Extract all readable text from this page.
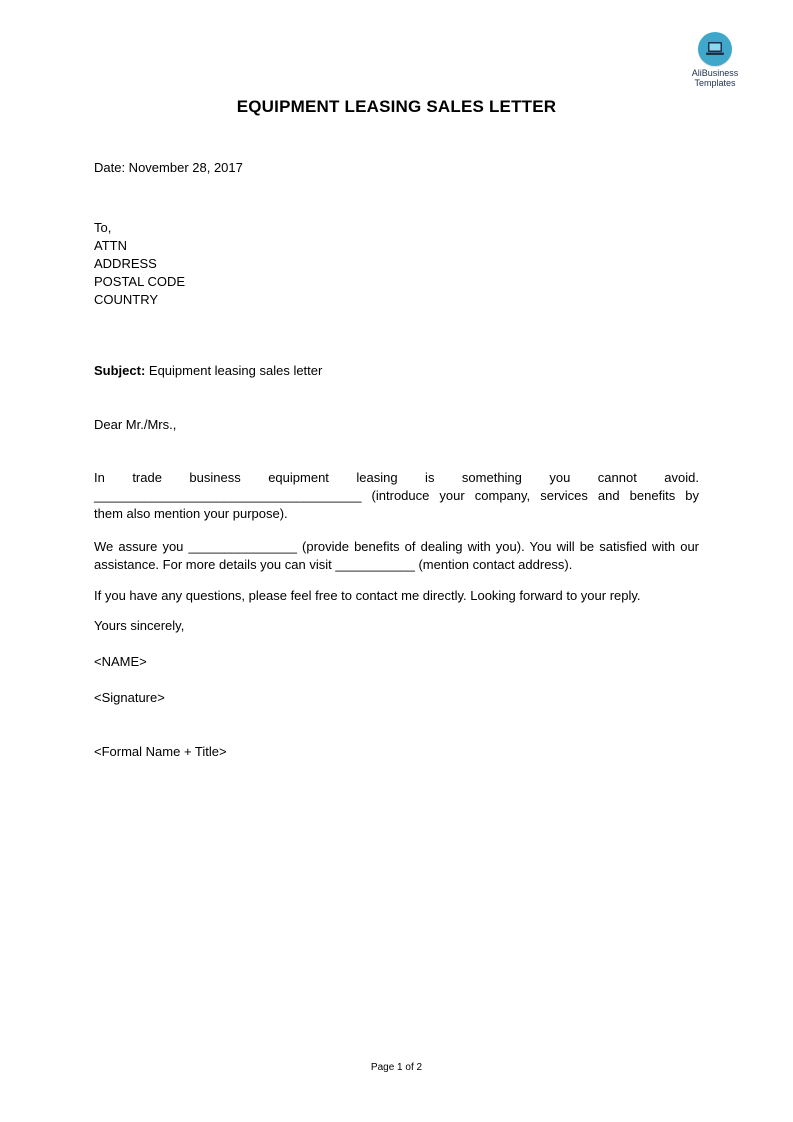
AliBusiness
Templates
EQUIPMENT LEASING SALES LETTER
Date: November 28, 2017
To,
ATTN
ADDRESS
POSTAL CODE
COUNTRY
Subject: Equipment leasing sales letter
Dear Mr./Mrs.,
In trade business equipment leasing is something you cannot avoid.
_____________________________________ (introduce your company, services and benefits by
them also mention your purpose).
We assure you _______________ (provide benefits of dealing with you). You will be satisfied with our
assistance. For more details you can visit ___________ (mention contact address).
If you have any questions, please feel free to contact me directly. Looking forward to your reply.
Yours sincerely,
<NAME>
<Signature>
<Formal Name + Title>
Page 1 of 2
